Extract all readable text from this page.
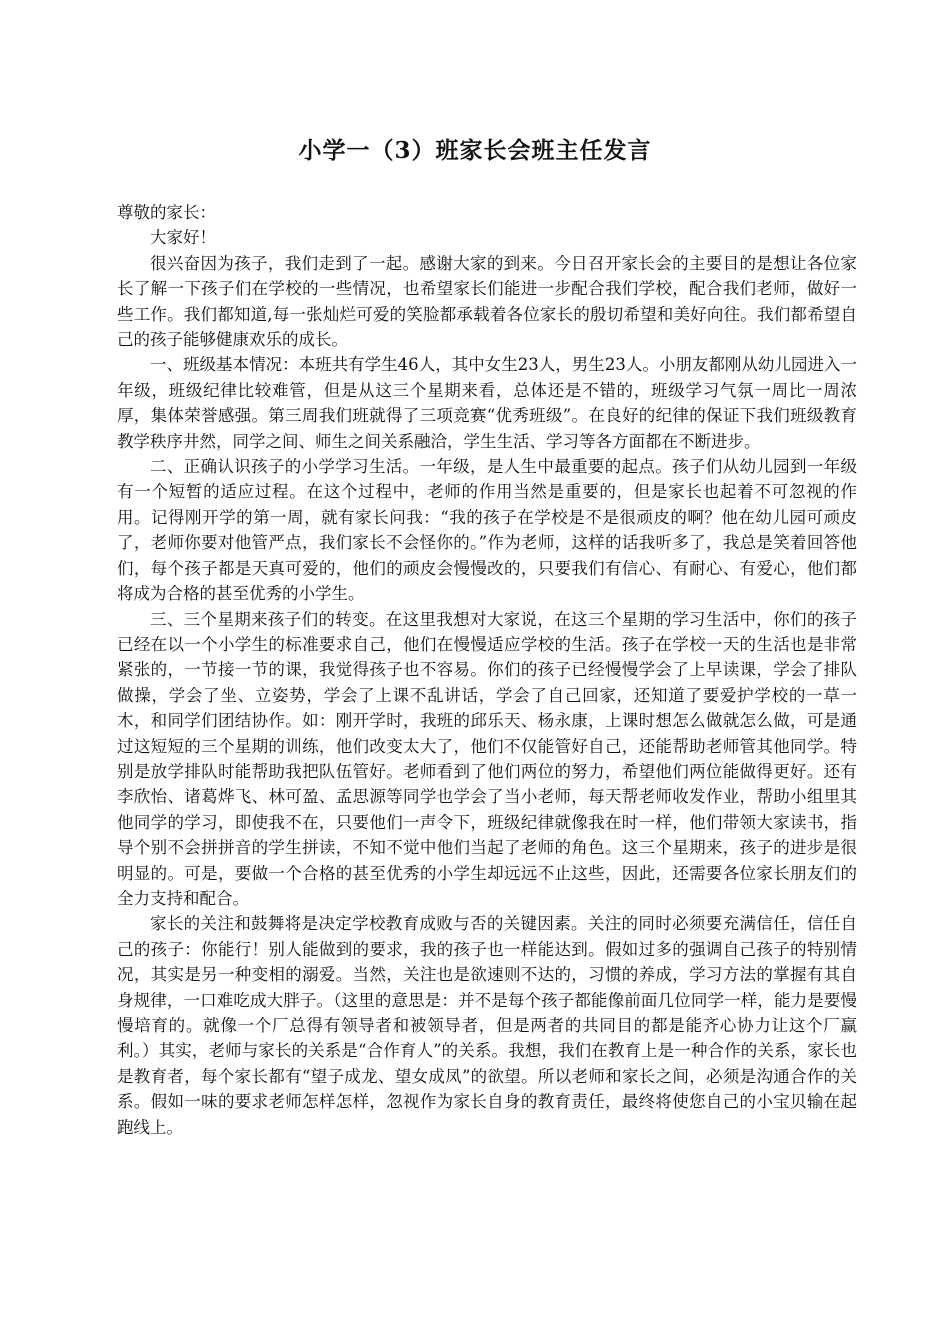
小学一（3）班家长会班主任发言

尊敬的家长：

大家好！

很兴奋因为孩子，我们走到了一起。感谢大家的到来。今日召开家长会的主要目的是想让各位家长了解一下孩子们在学校的一些情况，也希望家长们能进一步配合我们学校，配合我们老师，做好一些工作。我们都知道,每一张灿烂可爱的笑脸都承载着各位家长的殷切希望和美好向往。我们都希望自己的孩子能够健康欢乐的成长。

一、班级基本情况：本班共有学生46人，其中女生23人，男生23人。小朋友都刚从幼儿园进入一年级，班级纪律比较难管，但是从这三个星期来看，总体还是不错的，班级学习气氛一周比一周浓厚，集体荣誉感强。第三周我们班就得了三项竞赛“优秀班级”。在良好的纪律的保证下我们班级教育教学秩序井然，同学之间、师生之间关系融洽，学生生活、学习等各方面都在不断进步。

二、正确认识孩子的小学学习生活。一年级，是人生中最重要的起点。孩子们从幼儿园到一年级有一个短暂的适应过程。在这个过程中，老师的作用当然是重要的，但是家长也起着不可忽视的作用。记得刚开学的第一周，就有家长问我：“我的孩子在学校是不是很顽皮的啊？他在幼儿园可顽皮了，老师你要对他管严点，我们家长不会怪你的。”作为老师，这样的话我听多了，我总是笑着回答他们，每个孩子都是天真可爱的，他们的顽皮会慢慢改的，只要我们有信心、有耐心、有爱心，他们都将成为合格的甚至优秀的小学生。

三、三个星期来孩子们的转变。在这里我想对大家说，在这三个星期的学习生活中，你们的孩子已经在以一个小学生的标准要求自己，他们在慢慢适应学校的生活。孩子在学校一天的生活也是非常紧张的，一节接一节的课，我觉得孩子也不容易。你们的孩子已经慢慢学会了上早读课，学会了排队做操，学会了坐、立姿势，学会了上课不乱讲话，学会了自己回家，还知道了要爱护学校的一草一木，和同学们团结协作。如：刚开学时，我班的邱乐天、杨永康，上课时想怎么做就怎么做，可是通过这短短的三个星期的训练，他们改变太大了，他们不仅能管好自己，还能帮助老师管其他同学。特别是放学排队时能帮助我把队伍管好。老师看到了他们两位的努力，希望他们两位能做得更好。还有李欣怡、诸葛烨飞、林可盈、孟思源等同学也学会了当小老师，每天帮老师收发作业，帮助小组里其他同学的学习，即使我不在，只要他们一声令下，班级纪律就像我在时一样，他们带领大家读书，指导个别不会拼拼音的学生拼读，不知不觉中他们当起了老师的角色。这三个星期来，孩子的进步是很明显的。可是，要做一个合格的甚至优秀的小学生却远远不止这些，因此，还需要各位家长朋友们的全力支持和配合。

家长的关注和鼓舞将是决定学校教育成败与否的关键因素。关注的同时必须要充满信任，信任自己的孩子：你能行！别人能做到的要求，我的孩子也一样能达到。假如过多的强调自己孩子的特别情况，其实是另一种变相的溺爱。当然，关注也是欲速则不达的，习惯的养成，学习方法的掌握有其自身规律，一口难吃成大胖子。（这里的意思是：并不是每个孩子都能像前面几位同学一样，能力是要慢慢培育的。就像一个厂总得有领导者和被领导者，但是两者的共同目的都是能齐心协力让这个厂赢利。）其实，老师与家长的关系是“合作育人”的关系。我想，我们在教育上是一种合作的关系，家长也是教育者，每个家长都有“望子成龙、望女成凤”的欲望。所以老师和家长之间，必须是沟通合作的关系。假如一味的要求老师怎样怎样，忽视作为家长自身的教育责任，最终将使您自己的小宝贝输在起跑线上。
